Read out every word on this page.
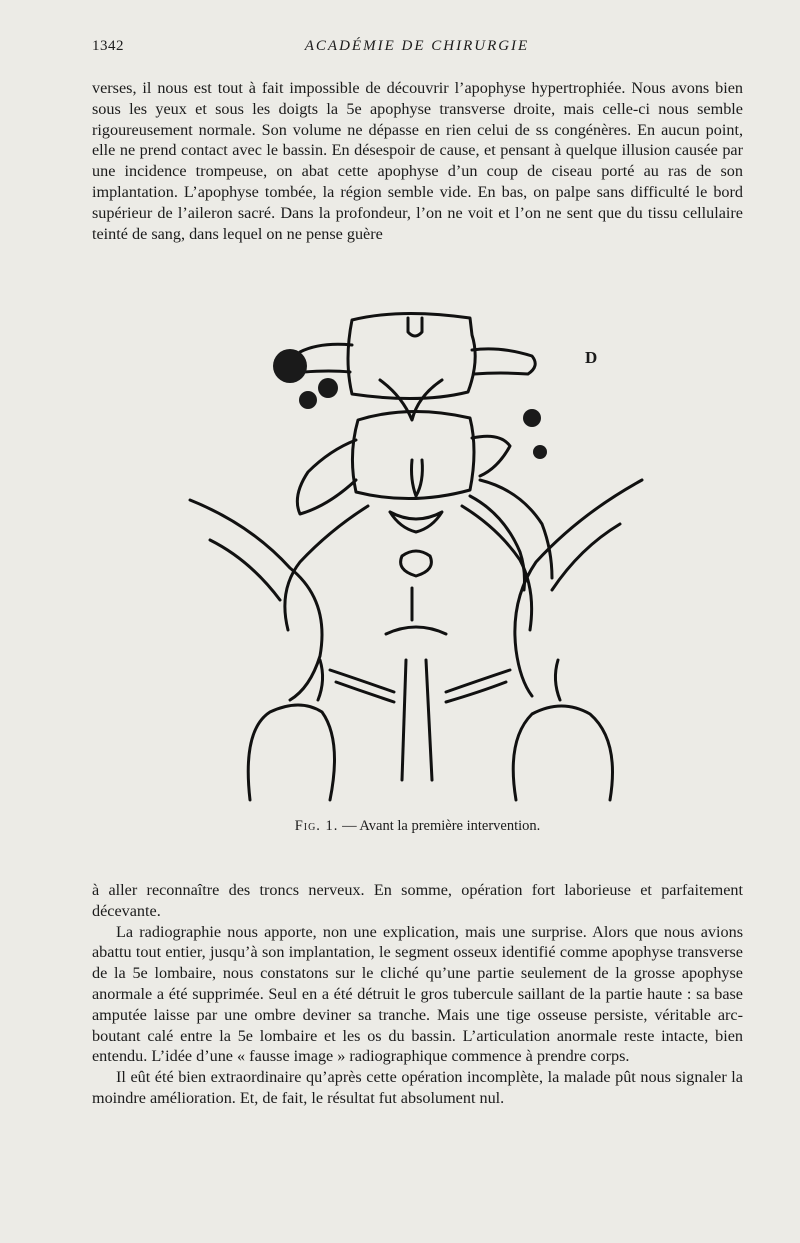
1342	ACADÉMIE DE CHIRURGIE

verses, il nous est tout à fait impossible de découvrir l’apophyse hypertrophiée. Nous avons bien sous les yeux et sous les doigts la 5e apophyse transverse droite, mais celle-ci nous semble rigoureusement normale. Son volume ne dépasse en rien celui de ss congénères. En aucun point, elle ne prend contact avec le bassin. En désespoir de cause, et pensant à quelque illusion causée par une incidence trompeuse, on abat cette apophyse d’un coup de ciseau porté au ras de son implantation. L’apophyse tombée, la région semble vide. En bas, on palpe sans difficulté le bord supérieur de l’aileron sacré. Dans la profondeur, l’on ne voit et l’on ne sent que du tissu cellulaire teinté de sang, dans lequel on ne pense guère

D
Fig. 1. — Avant la première intervention.

à aller reconnaître des troncs nerveux. En somme, opération fort laborieuse et parfaitement décevante.

La radiographie nous apporte, non une explication, mais une surprise. Alors que nous avions abattu tout entier, jusqu’à son implantation, le segment osseux identifié comme apophyse transverse de la 5e lombaire, nous constatons sur le cliché qu’une partie seulement de la grosse apophyse anormale a été supprimée. Seul en a été détruit le gros tubercule saillant de la partie haute : sa base amputée laisse par une ombre deviner sa tranche. Mais une tige osseuse persiste, véritable arc-boutant calé entre la 5e lombaire et les os du bassin. L’articulation anormale reste intacte, bien entendu. L’idée d’une « fausse image » radiographique commence à prendre corps.

Il eût été bien extraordinaire qu’après cette opération incomplète, la malade pût nous signaler la moindre amélioration. Et, de fait, le résultat fut absolument nul.
